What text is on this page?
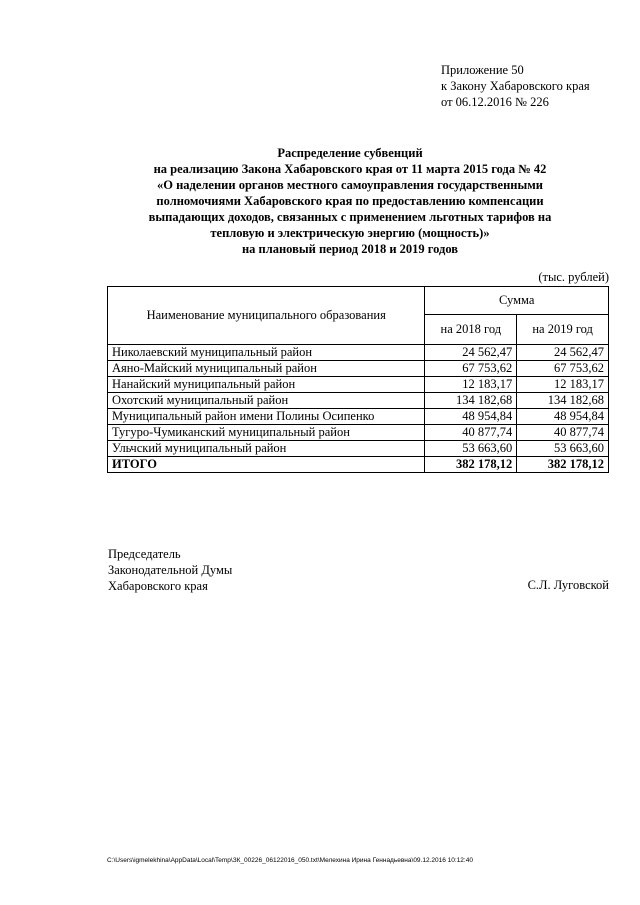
Приложение 50
к Закону Хабаровского края
от 06.12.2016 № 226
Распределение субвенций
на реализацию Закона Хабаровского края от 11 марта 2015 года № 42
«О наделении органов местного самоуправления государственными
полномочиями Хабаровского края по предоставлению компенсации
выпадающих доходов, связанных с применением льготных тарифов на
тепловую и электрическую энергию (мощность)»
на плановый период 2018 и 2019 годов
(тыс. рублей)
Наименование муниципального образования	Сумма	
	на 2018 год	на 2019 год
Николаевский муниципальный район	24 562,47	24 562,47
Аяно-Майский муниципальный район	67 753,62	67 753,62
Нанайский муниципальный район	12 183,17	12 183,17
Охотский муниципальный район	134 182,68	134 182,68
Муниципальный район имени Полины Осипенко	48 954,84	48 954,84
Тугуро-Чумиканский муниципальный район	40 877,74	40 877,74
Ульчский муниципальный район	53 663,60	53 663,60
ИТОГО	382 178,12	382 178,12
Председатель
Законодательной Думы
Хабаровского края	С.Л. Луговской
C:\Users\igmelekhina\AppData\Local\Temp\ЗК_00226_06122016_050.txt\Мелехина Ирина Геннадьевна\09.12.2016 10:12:40
